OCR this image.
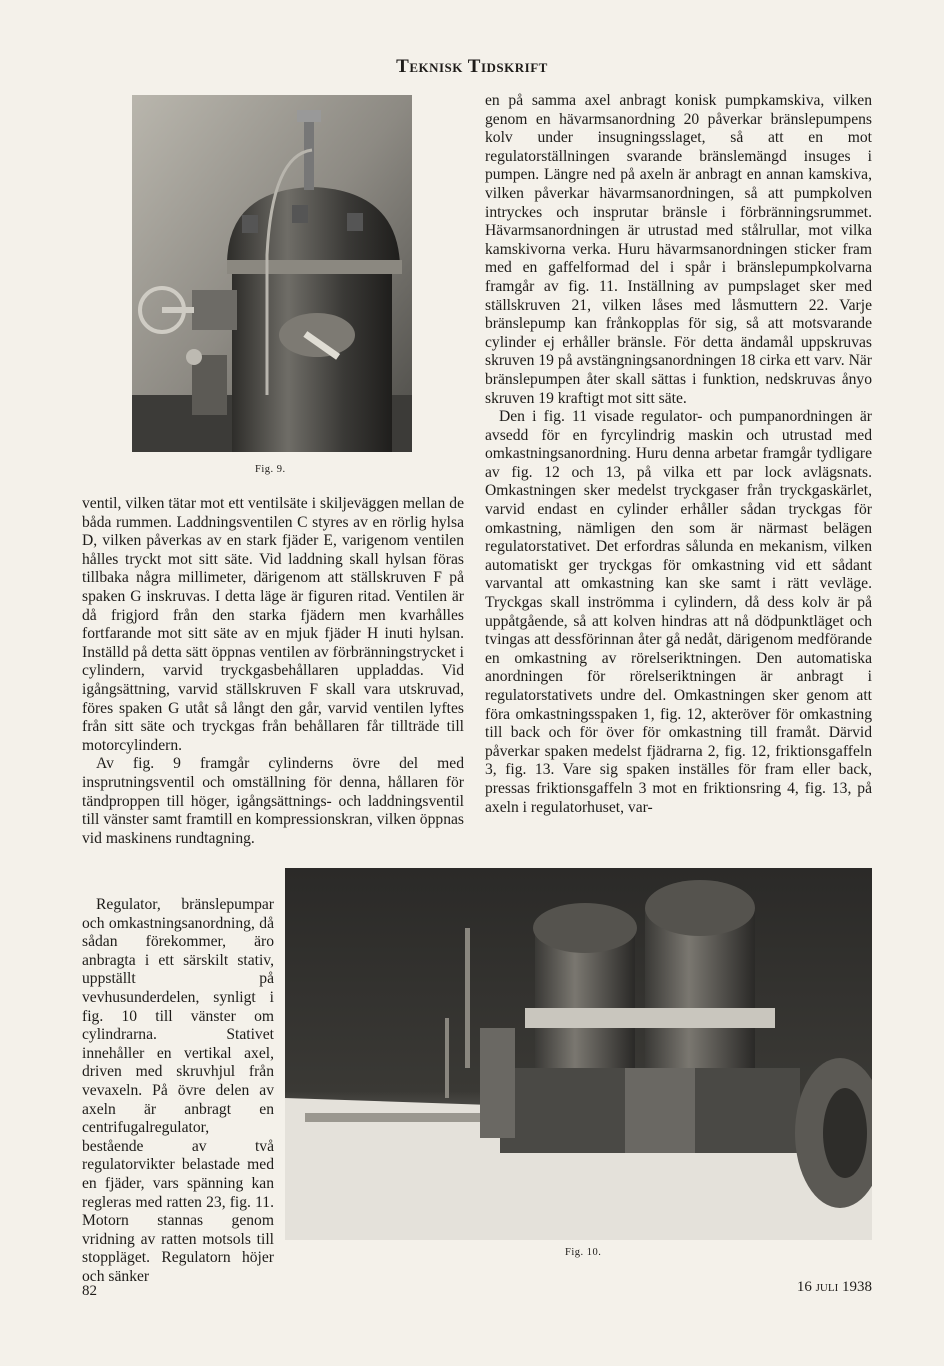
Teknisk Tidskrift
Fig. 9.

en på samma axel anbragt konisk pumpkamskiva, vilken genom en hävarmsanordning 20 påverkar bränslepumpens kolv under insugningsslaget, så att en mot regulatorställningen svarande bränslemängd insuges i pumpen. Längre ned på axeln är anbragt en annan kamskiva, vilken påverkar hävarmsanordningen, så att pumpkolven intryckes och insprutar bränsle i förbränningsrummet. Hävarmsanordningen är utrustad med stålrullar, mot vilka kamskivorna verka. Huru hävarmsanordningen sticker fram med en gaffelformad del i spår i bränslepumpkolvarna framgår av fig. 11. Inställning av pumpslaget sker med ställskruven 21, vilken låses med låsmuttern 22. Varje bränslepump kan frånkopplas för sig, så att motsvarande cylinder ej erhåller bränsle. För detta ändamål uppskruvas skruven 19 på avstängningsanordningen 18 cirka ett varv. När bränslepumpen åter skall sättas i funktion, nedskruvas ånyo skruven 19 kraftigt mot sitt säte.

Den i fig. 11 visade regulator- och pumpanordningen är avsedd för en fyrcylindrig maskin och utrustad med omkastningsanordning. Huru denna arbetar framgår tydligare av fig. 12 och 13, på vilka ett par lock avlägsnats. Omkastningen sker medelst tryckgaser från tryckgaskärlet, varvid endast en cylinder erhåller sådan tryckgas för omkastning, nämligen den som är närmast belägen regulatorstativet. Det erfordras sålunda en mekanism, vilken automatiskt ger tryckgas för omkastning vid ett sådant varvantal att omkastning kan ske samt i rätt vevläge. Tryckgas skall inströmma i cylindern, då dess kolv är på uppåtgående, så att kolven hindras att nå dödpunktläget och tvingas att dessförinnan åter gå nedåt, därigenom medförande en omkastning av rörelseriktningen. Den automatiska anordningen för rörelseriktningen är anbragt i regulatorstativets undre del. Omkastningen sker genom att föra omkastningsspaken 1, fig. 12, akteröver för omkastning till back och för över för omkastning till framåt. Därvid påverkar spaken medelst fjädrarna 2, fig. 12, friktionsgaffeln 3, fig. 13. Vare sig spaken inställes för fram eller back, pressas friktionsgaffeln 3 mot en friktionsring 4, fig. 13, på axeln i regulatorhuset, var-

ventil, vilken tätar mot ett ventilsäte i skiljeväggen mellan de båda rummen. Laddningsventilen C styres av en rörlig hylsa D, vilken påverkas av en stark fjäder E, varigenom ventilen hålles tryckt mot sitt säte. Vid laddning skall hylsan föras tillbaka några millimeter, därigenom att ställskruven F på spaken G inskruvas. I detta läge är figuren ritad. Ventilen är då frigjord från den starka fjädern men kvarhålles fortfarande mot sitt säte av en mjuk fjäder H inuti hylsan. Inställd på detta sätt öppnas ventilen av förbränningstrycket i cylindern, varvid tryckgasbehållaren uppladdas. Vid igångsättning, varvid ställskruven F skall vara utskruvad, föres spaken G utåt så långt den går, varvid ventilen lyftes från sitt säte och tryckgas från behållaren får tillträde till motorcylindern.

Av fig. 9 framgår cylinderns övre del med insprutningsventil och omställning för denna, hållaren för tändproppen till höger, igångsättnings- och laddningsventil till vänster samt framtill en kompressionskran, vilken öppnas vid maskinens rundtagning.

Regulator, bränslepumpar och omkastningsanordning, då sådan förekommer, äro anbragta i ett särskilt stativ, uppställt på vevhusunderdelen, synligt i fig. 10 till vänster om cylindrarna. Stativet innehåller en vertikal axel, driven med skruvhjul från vevaxeln. På övre delen av axeln är anbragt en centrifugalregulator, bestående av två regulatorvikter belastade med en fjäder, vars spänning kan regleras med ratten 23, fig. 11. Motorn stannas genom vridning av ratten motsols till stoppläget. Regulatorn höjer och sänker

Fig. 10.
82	16 juli 1938
